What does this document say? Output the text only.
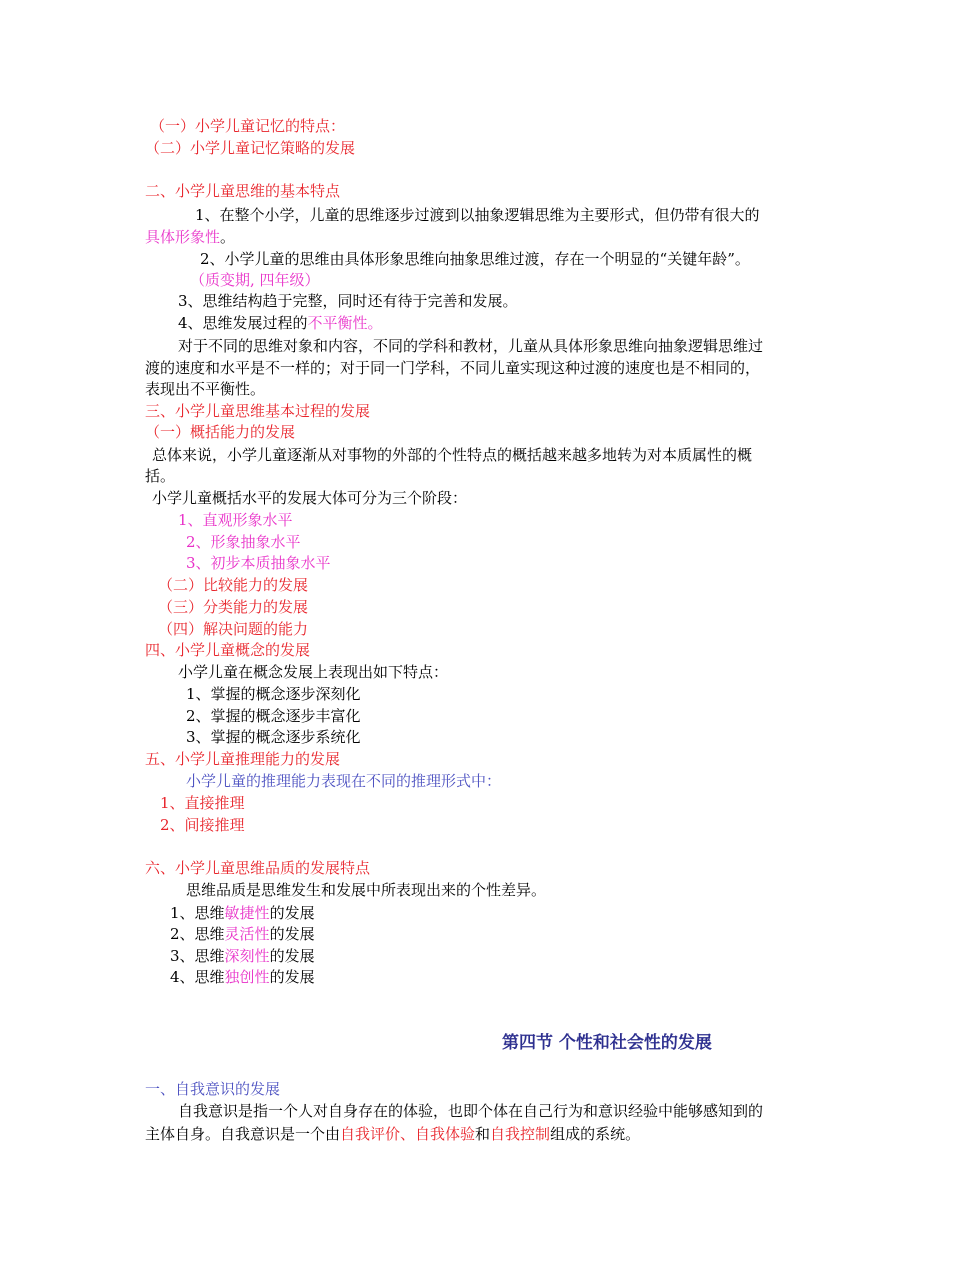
（一）小学儿童记忆的特点：
（二）小学儿童记忆策略的发展
二、小学儿童思维的基本特点
1、在整个小学，儿童的思维逐步过渡到以抽象逻辑思维为主要形式，但仍带有很大的
具体形象性。
2、小学儿童的思维由具体形象思维向抽象思维过渡，存在一个明显的“关键年龄”。
（质变期, 四年级）
3、思维结构趋于完整，同时还有待于完善和发展。
4、思维发展过程的不平衡性。
对于不同的思维对象和内容，不同的学科和教材，儿童从具体形象思维向抽象逻辑思维过
渡的速度和水平是不一样的；对于同一门学科，不同儿童实现这种过渡的速度也是不相同的，
表现出不平衡性。
三、小学儿童思维基本过程的发展
（一）概括能力的发展
总体来说，小学儿童逐渐从对事物的外部的个性特点的概括越来越多地转为对本质属性的概
括。
小学儿童概括水平的发展大体可分为三个阶段：
1、直观形象水平
2、形象抽象水平
3、初步本质抽象水平
（二）比较能力的发展
（三）分类能力的发展
（四）解决问题的能力
四、小学儿童概念的发展
小学儿童在概念发展上表现出如下特点：
1、掌握的概念逐步深刻化
2、掌握的概念逐步丰富化
3、掌握的概念逐步系统化
五、小学儿童推理能力的发展
小学儿童的推理能力表现在不同的推理形式中：
1、直接推理
2、间接推理
六、小学儿童思维品质的发展特点
思维品质是思维发生和发展中所表现出来的个性差异。
1、思维敏捷性的发展
2、思维灵活性的发展
3、思维深刻性的发展
4、思维独创性的发展
第四节 个性和社会性的发展
一、自我意识的发展
自我意识是指一个人对自身存在的体验，也即个体在自己行为和意识经验中能够感知到的
主体自身。自我意识是一个由自我评价、自我体验和自我控制组成的系统。
